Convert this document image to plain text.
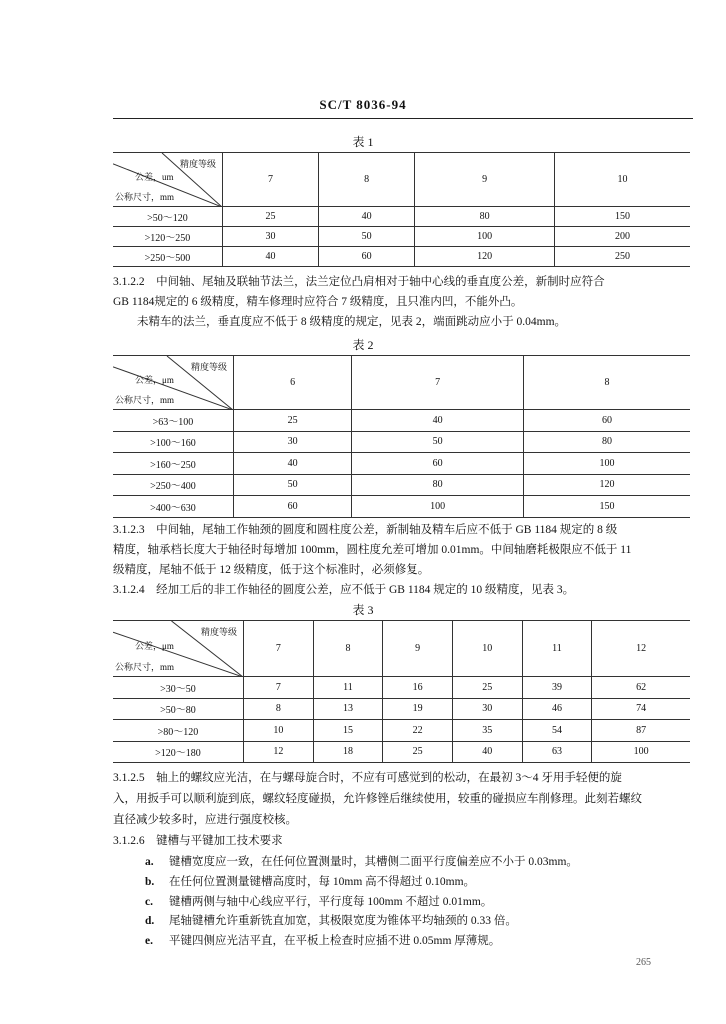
SC/T 8036-94
表 1
精度等级
公差，um
公称尺寸，mm	7	8	9	10
>50～120	25	40	80	150
>120～250	30	50	100	200
>250～500	40	60	120	250
3.1.2.2　中间轴、尾轴及联轴节法兰，法兰定位凸肩相对于轴中心线的垂直度公差，新制时应符合
GB 1184规定的 6 级精度，精车修理时应符合 7 级精度，且只准内凹，不能外凸。
未精车的法兰，垂直度应不低于 8 级精度的规定，见表 2，端面跳动应小于 0.04mm。
表 2
精度等级
公差，μm
公称尺寸，mm	6	7	8
>63～100	25	40	60
>100～160	30	50	80
>160～250	40	60	100
>250～400	50	80	120
>400～630	60	100	150
3.1.2.3　中间轴，尾轴工作轴颈的圆度和圆柱度公差，新制轴及精车后应不低于 GB 1184 规定的 8 级
精度，轴承档长度大于轴径时每增加 100mm，圆柱度允差可增加 0.01mm。中间轴磨耗极限应不低于 11
级精度，尾轴不低于 12 级精度，低于这个标准时，必须修复。
3.1.2.4　经加工后的非工作轴径的圆度公差，应不低于 GB 1184 规定的 10 级精度，见表 3。
表 3
精度等级
公差，μm
公称尺寸，mm	7	8	9	10	11	12
>30～50	7	11	16	25	39	62
>50～80	8	13	19	30	46	74
>80～120	10	15	22	35	54	87
>120～180	12	18	25	40	63	100
3.1.2.5　轴上的螺纹应光洁，在与螺母旋合时，不应有可感觉到的松动，在最初 3～4 牙用手轻便的旋
入，用扳手可以顺利旋到底，螺纹轻度碰损，允许修锉后继续使用，较重的碰损应车削修理。此刻若螺纹
直径减少较多时，应进行强度校核。
3.1.2.6　键槽与平键加工技术要求
a. 键槽宽度应一致，在任何位置测量时，其槽侧二面平行度偏差应不小于 0.03mm。
b. 在任何位置测量键槽高度时，每 10mm 高不得超过 0.10mm。
c. 键槽两侧与轴中心线应平行，平行度每 100mm 不超过 0.01mm。
d. 尾轴键槽允许重新铣直加宽，其极限宽度为锥体平均轴颈的 0.33 倍。
e. 平键四侧应光洁平直，在平板上检查时应插不进 0.05mm 厚薄规。
265
